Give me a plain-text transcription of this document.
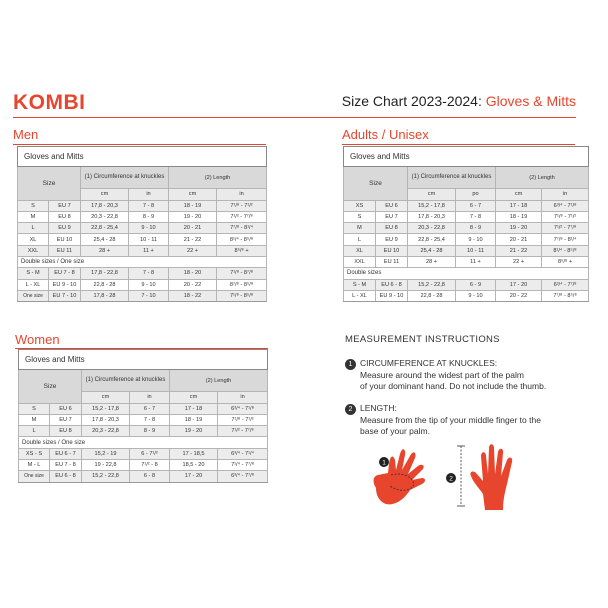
KOMBI	Size Chart 2023-2024: Gloves & Mitts
Men
Gloves and Mitts					
Size		(1) Circumference at knuckles		(2) Length	
		cm	in	cm	in
S	EU 7	17,8 - 20,3	7 - 8	18 - 19	7¹/⁸ - 7¹/²
M	EU 8	20,3 - 22,8	8 - 9	19 - 20	7¹/² - 7⁷/⁸
L	EU 9	22,8 - 25,4	9 - 10	20 - 21	7⁷/⁸ - 8¹/⁴
XL	EU 10	25,4 - 28	10 - 11	21 - 22	8¹/⁴ - 8⁵/⁸
XXL	EU 11	28 +	11 +	22 +	8⁵/⁸ +
Double sizes / One size					
S - M	EU 7 - 8	17,8 - 22,8	7 - 8	18 - 20	7¹/⁸ - 8⁷/⁸
L - XL	EU 9 - 10	22,8 - 28	9 - 10	20 - 22	8⁷/⁸ - 8⁵/⁸
One size	EU 7 - 10	17,8 - 28	7 - 10	18 - 22	7¹/⁸ - 8⁵/⁸
Adults / Unisex
Gloves and Mitts					
Size		(1) Circumference at knuckles		(2) Length	
		cm	po	cm	in
XS	EU 6	15,2 - 17,8	6 - 7	17 - 18	6³/⁴ - 7¹/⁸
S	EU 7	17,8 - 20,3	7 - 8	18 - 19	7¹/⁸ - 7¹/²
M	EU 8	20,3 - 22,8	8 - 9	19 - 20	7¹/² - 7⁷/⁸
L	EU 9	22,8 - 25,4	9 - 10	20 - 21	7⁷/⁸ - 8¹/⁴
XL	EU 10	25,4 - 28	10 - 11	21 - 22	8¹/⁴ - 8⁵/⁸
XXL	EU 11	28 +	11 +	22 +	8⁵/⁸ +
Double sizes					
S - M	EU 6 - 8	15,2 - 22,8	6 - 9	17 - 20	6³/⁴ - 7⁷/⁸
L - XL	EU 9 - 10	22,8 - 28	9 - 10	20 - 22	7⁷/⁸ - 8⁵/⁸
Women
Gloves and Mitts					
Size		(1) Circumference at knuckles		(2) Length	
		cm	in	cm	in
S	EU 6	15,2 - 17,8	6 - 7	17 - 18	6³/⁴ - 7¹/⁸
M	EU 7	17,8 - 20,3	7 - 8	18 - 19	7¹/⁸ - 7¹/²
L	EU 8	20,3 - 22,8	8 - 9	19 - 20	7¹/² - 7⁷/⁸
Double sizes / One size					
XS - S	EU 6 - 7	15,2 - 19	6 - 7¹/²	17 - 18,5	6³/⁴ - 7¹/⁴
M - L	EU 7 - 8	19 - 22,8	7¹/² - 8	18,5 - 20	7¹/⁴ - 7⁷/⁸
One size	EU 6 - 8	15,2 - 22,8	6 - 8	17 - 20	6³/⁴ - 7⁷/⁸
MEASUREMENT INSTRUCTIONS
1 CIRCUMFERENCE AT KNUCKLES:
Measure around the widest part of the palm
of your dominant hand. Do not include the thumb.
2 LENGTH:
Measure from the tip of your middle finger to the
base of your palm.
1
2
